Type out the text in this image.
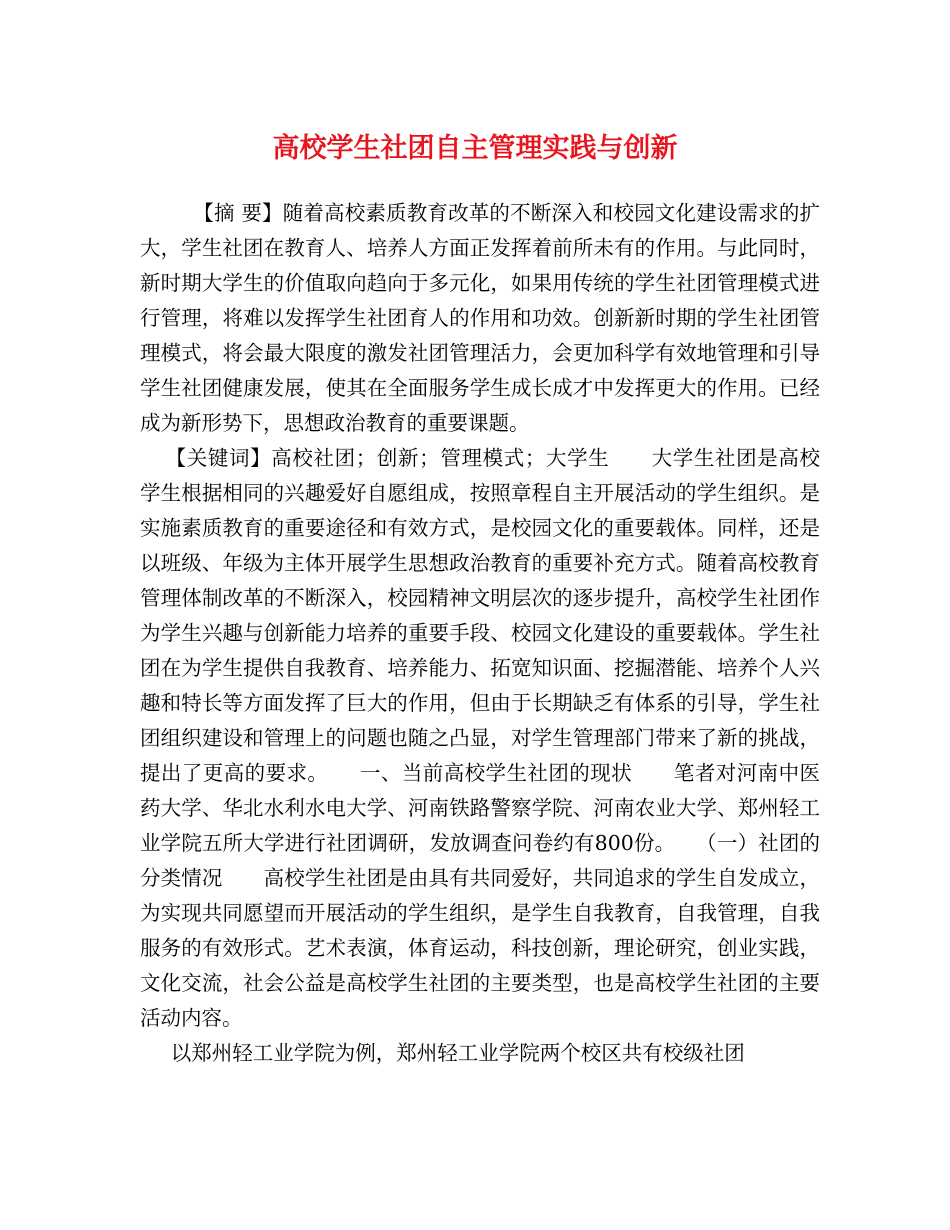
高校学生社团自主管理实践与创新

【摘 要】随着高校素质教育改革的不断深入和校园文化建设需求的扩大，学生社团在教育人、培养人方面正发挥着前所未有的作用。与此同时，新时期大学生的价值取向趋向于多元化，如果用传统的学生社团管理模式进行管理，将难以发挥学生社团育人的作用和功效。创新新时期的学生社团管理模式，将会最大限度的激发社团管理活力，会更加科学有效地管理和引导学生社团健康发展，使其在全面服务学生成长成才中发挥更大的作用。已经成为新形势下，思想政治教育的重要课题。

【关键词】高校社团；创新；管理模式；大学生　　大学生社团是高校学生根据相同的兴趣爱好自愿组成，按照章程自主开展活动的学生组织。是实施素质教育的重要途径和有效方式，是校园文化的重要载体。同样，还是以班级、年级为主体开展学生思想政治教育的重要补充方式。随着高校教育管理体制改革的不断深入，校园精神文明层次的逐步提升，高校学生社团作为学生兴趣与创新能力培养的重要手段、校园文化建设的重要载体。学生社团在为学生提供自我教育、培养能力、拓宽知识面、挖掘潜能、培养个人兴趣和特长等方面发挥了巨大的作用，但由于长期缺乏有体系的引导，学生社团组织建设和管理上的问题也随之凸显，对学生管理部门带来了新的挑战，提出了更高的要求。　　一、当前高校学生社团的现状　　笔者对河南中医药大学、华北水利水电大学、河南铁路警察学院、河南农业大学、郑州轻工业学院五所大学进行社团调研，发放调查问卷约有800份。　　（一）社团的分类情况　　高校学生社团是由具有共同爱好，共同追求的学生自发成立，为实现共同愿望而开展活动的学生组织，是学生自我教育，自我管理，自我服务的有效形式。艺术表演，体育运动，科技创新，理论研究，创业实践，文化交流，社会公益是高校学生社团的主要类型，也是高校学生社团的主要活动内容。

以郑州轻工业学院为例，郑州轻工业学院两个校区共有校级社团
